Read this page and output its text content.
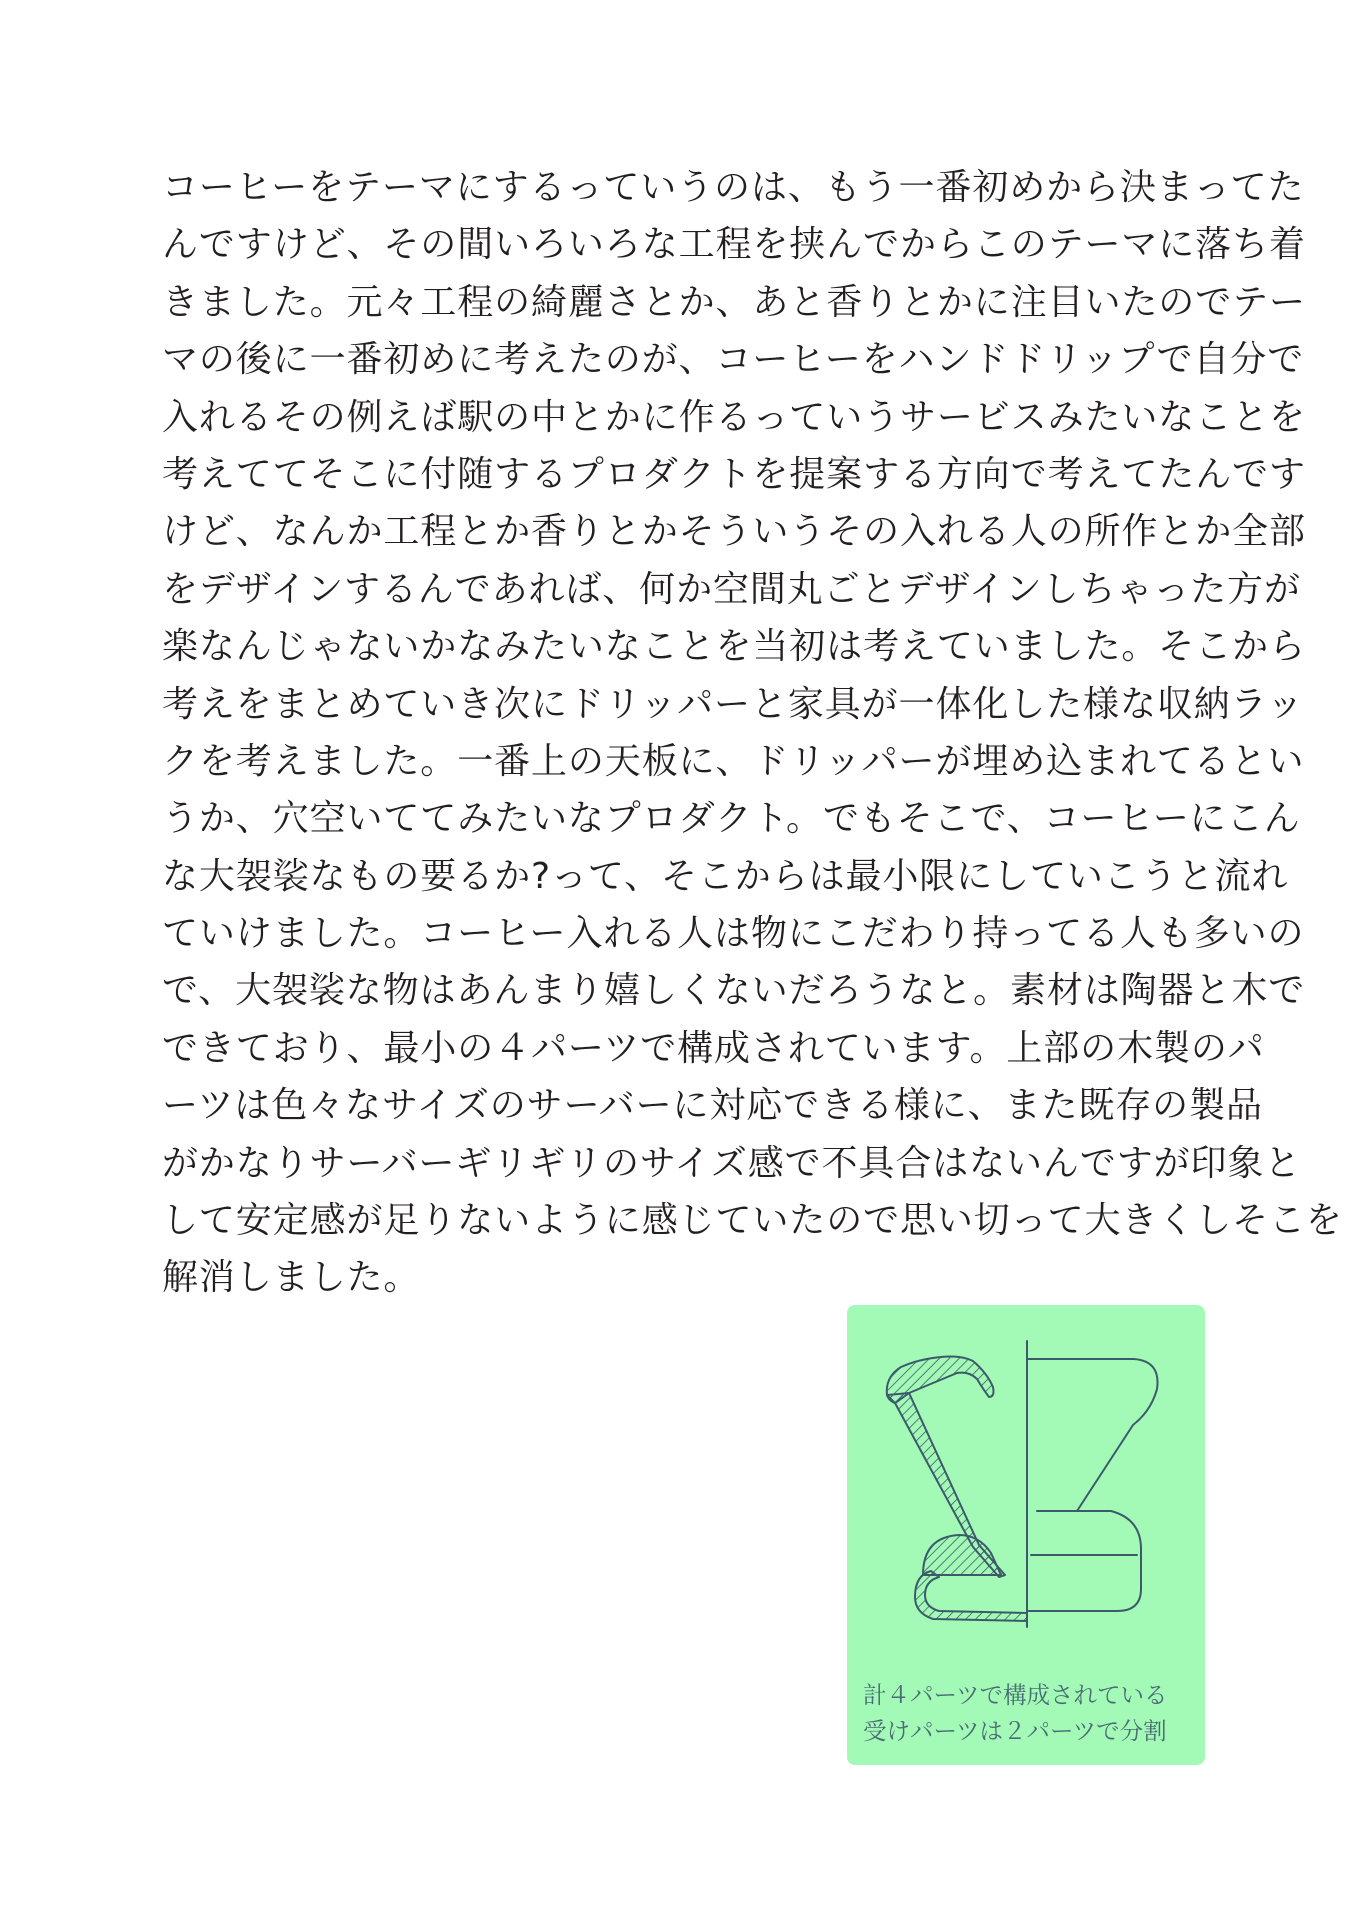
コーヒーをテーマにするっていうのは、もう一番初めから決まってた
んですけど、その間いろいろな工程を挟んでからこのテーマに落ち着
きました。元々工程の綺麗さとか、あと香りとかに注目いたのでテー
マの後に一番初めに考えたのが、コーヒーをハンドドリップで自分で
入れるその例えば駅の中とかに作るっていうサービスみたいなことを
考えててそこに付随するプロダクトを提案する方向で考えてたんです
けど、なんか工程とか香りとかそういうその入れる人の所作とか全部
をデザインするんであれば、何か空間丸ごとデザインしちゃった方が
楽なんじゃないかなみたいなことを当初は考えていました。そこから
考えをまとめていき次にドリッパーと家具が一体化した様な収納ラッ
クを考えました。一番上の天板に、ドリッパーが埋め込まれてるとい
うか、穴空いててみたいなプロダクト。でもそこで、コーヒーにこん
な大袈裟なもの要るか?って、そこからは最小限にしていこうと流れ
ていけました。コーヒー入れる人は物にこだわり持ってる人も多いの
で、大袈裟な物はあんまり嬉しくないだろうなと。素材は陶器と木で
できており、最小の４パーツで構成されています。上部の木製のパ
ーツは色々なサイズのサーバーに対応できる様に、また既存の製品
がかなりサーバーギリギリのサイズ感で不具合はないんですが印象と
して安定感が足りないように感じていたので思い切って大きくしそこを
解消しました。
計４パーツで構成されている
受けパーツは２パーツで分割
